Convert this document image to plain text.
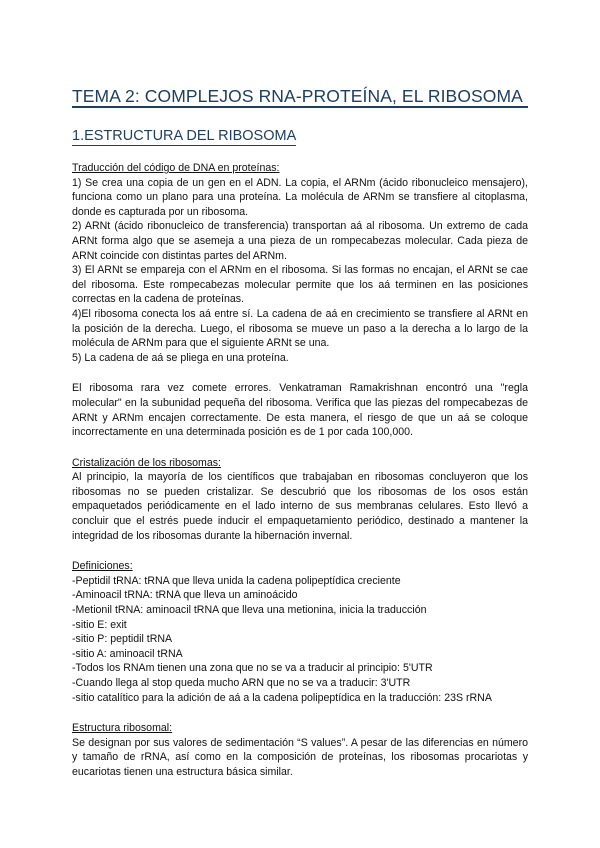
TEMA 2: COMPLEJOS RNA-PROTEÍNA, EL RIBOSOMA
1.ESTRUCTURA DEL RIBOSOMA

Traducción del código de DNA en proteínas:

1) Se crea una copia de un gen en el ADN. La copia, el ARNm (ácido ribonucleico mensajero), funciona como un plano para una proteína. La molécula de ARNm se transfiere al citoplasma, donde es capturada por un ribosoma.

2) ARNt (ácido ribonucleico de transferencia) transportan aá al ribosoma. Un extremo de cada ARNt forma algo que se asemeja a una pieza de un rompecabezas molecular. Cada pieza de ARNt coincide con distintas partes del ARNm.

3) El ARNt se empareja con el ARNm en el ribosoma. Si las formas no encajan, el ARNt se cae del ribosoma. Este rompecabezas molecular permite que los aá terminen en las posiciones correctas en la cadena de proteínas.

4)El ribosoma conecta los aá entre sí. La cadena de aá en crecimiento se transfiere al ARNt en la posición de la derecha. Luego, el ribosoma se mueve un paso a la derecha a lo largo de la molécula de ARNm para que el siguiente ARNt se una.

5) La cadena de aá se pliega en una proteína.

El ribosoma rara vez comete errores. Venkatraman Ramakrishnan encontró una "regla molecular" en la subunidad pequeña del ribosoma. Verifica que las piezas del rompecabezas de ARNt y ARNm encajen correctamente. De esta manera, el riesgo de que un aá se coloque incorrectamente en una determinada posición es de 1 por cada 100,000.

Cristalización de los ribosomas:

Al principio, la mayoría de los científicos que trabajaban en ribosomas concluyeron que los ribosomas no se pueden cristalizar. Se descubrió que los ribosomas de los osos están empaquetados periódicamente en el lado interno de sus membranas celulares. Esto llevó a concluir que el estrés puede inducir el empaquetamiento periódico, destinado a mantener la integridad de los ribosomas durante la hibernación invernal.

Definiciones:

-Peptidil tRNA: tRNA que lleva unida la cadena polipeptídica creciente

-Aminoacil tRNA: tRNA que lleva un aminoácido

-Metionil tRNA: aminoacil tRNA que lleva una metionina, inicia la traducción

-sitio E: exit

-sitio P: peptidil tRNA

-sitio A: aminoacil tRNA

-Todos los RNAm tienen una zona que no se va a traducir al principio: 5'UTR

-Cuando llega al stop queda mucho ARN que no se va a traducir: 3'UTR

-sitio catalítico para la adición de aá a la cadena polipeptídica en la traducción: 23S rRNA

Estructura ribosomal:

Se designan por sus valores de sedimentación “S values”. A pesar de las diferencias en número y tamaño de rRNA, así como en la composición de proteínas, los ribosomas procariotas y eucariotas tienen una estructura básica similar.
